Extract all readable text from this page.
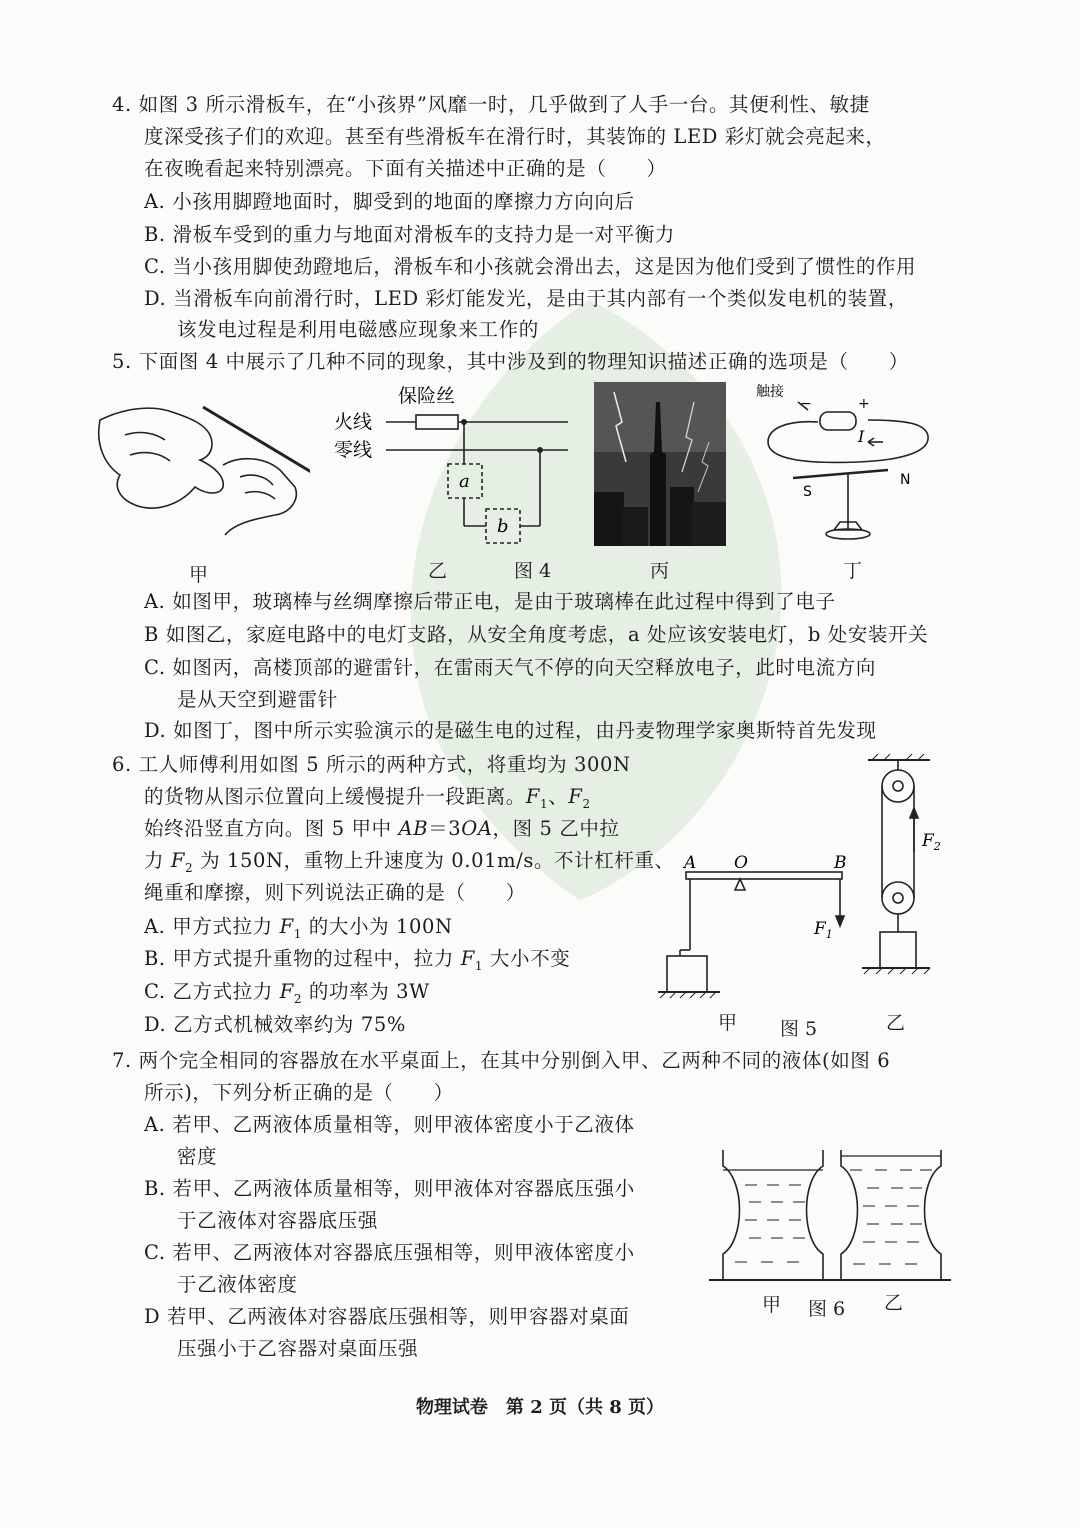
4. 如图 3 所示滑板车，在“小孩界”风靡一时，几乎做到了人手一台。其便利性、敏捷
度深受孩子们的欢迎。甚至有些滑板车在滑行时，其装饰的 LED 彩灯就会亮起来，
在夜晚看起来特别漂亮。下面有关描述中正确的是（　　）
A. 小孩用脚蹬地面时，脚受到的地面的摩擦力方向向后
B. 滑板车受到的重力与地面对滑板车的支持力是一对平衡力
C. 当小孩用脚使劲蹬地后，滑板车和小孩就会滑出去，这是因为他们受到了惯性的作用
D. 当滑板车向前滑行时，LED 彩灯能发光，是由于其内部有一个类似发电机的装置，
该发电过程是利用电磁感应现象来工作的
5. 下面图 4 中展示了几种不同的现象，其中涉及到的物理知识描述正确的选项是（　　）
甲
保险丝
火线
零线
a
b
乙	图 4	丙
触接
−	+
I
S
N
丁
A. 如图甲，玻璃棒与丝绸摩擦后带正电，是由于玻璃棒在此过程中得到了电子
B 如图乙，家庭电路中的电灯支路，从安全角度考虑，a 处应该安装电灯，b 处安装开关
C. 如图丙，高楼顶部的避雷针，在雷雨天气不停的向天空释放电子，此时电流方向
是从天空到避雷针
D. 如图丁，图中所示实验演示的是磁生电的过程，由丹麦物理学家奥斯特首先发现
6. 工人师傅利用如图 5 所示的两种方式，将重均为 300N
的货物从图示位置向上缓慢提升一段距离。$F_1$、$F_2$
始终沿竖直方向。图 5 甲中 AB＝3OA，图 5 乙中拉
力 $F_2$ 为 150N，重物上升速度为 0.01m/s。不计杠杆重、
绳重和摩擦，则下列说法正确的是（　　）
A. 甲方式拉力 $F_1$ 的大小为 100N
B. 甲方式提升重物的过程中，拉力 $F_1$ 大小不变
C. 乙方式拉力 $F_2$ 的功率为 3W
D. 乙方式机械效率约为 75%
A O	B
$F_1$
甲 图 5
$F_2$
乙
7. 两个完全相同的容器放在水平桌面上，在其中分别倒入甲、乙两种不同的液体(如图 6
所示)，下列分析正确的是（　　）
A. 若甲、乙两液体质量相等，则甲液体密度小于乙液体
密度
B. 若甲、乙两液体质量相等，则甲液体对容器底压强小
于乙液体对容器底压强
C. 若甲、乙两液体对容器底压强相等，则甲液体密度小
于乙液体密度
D 若甲、乙两液体对容器底压强相等，则甲容器对桌面
压强小于乙容器对桌面压强
甲 图 6 乙
物理试卷　第 2 页（共 8 页）
